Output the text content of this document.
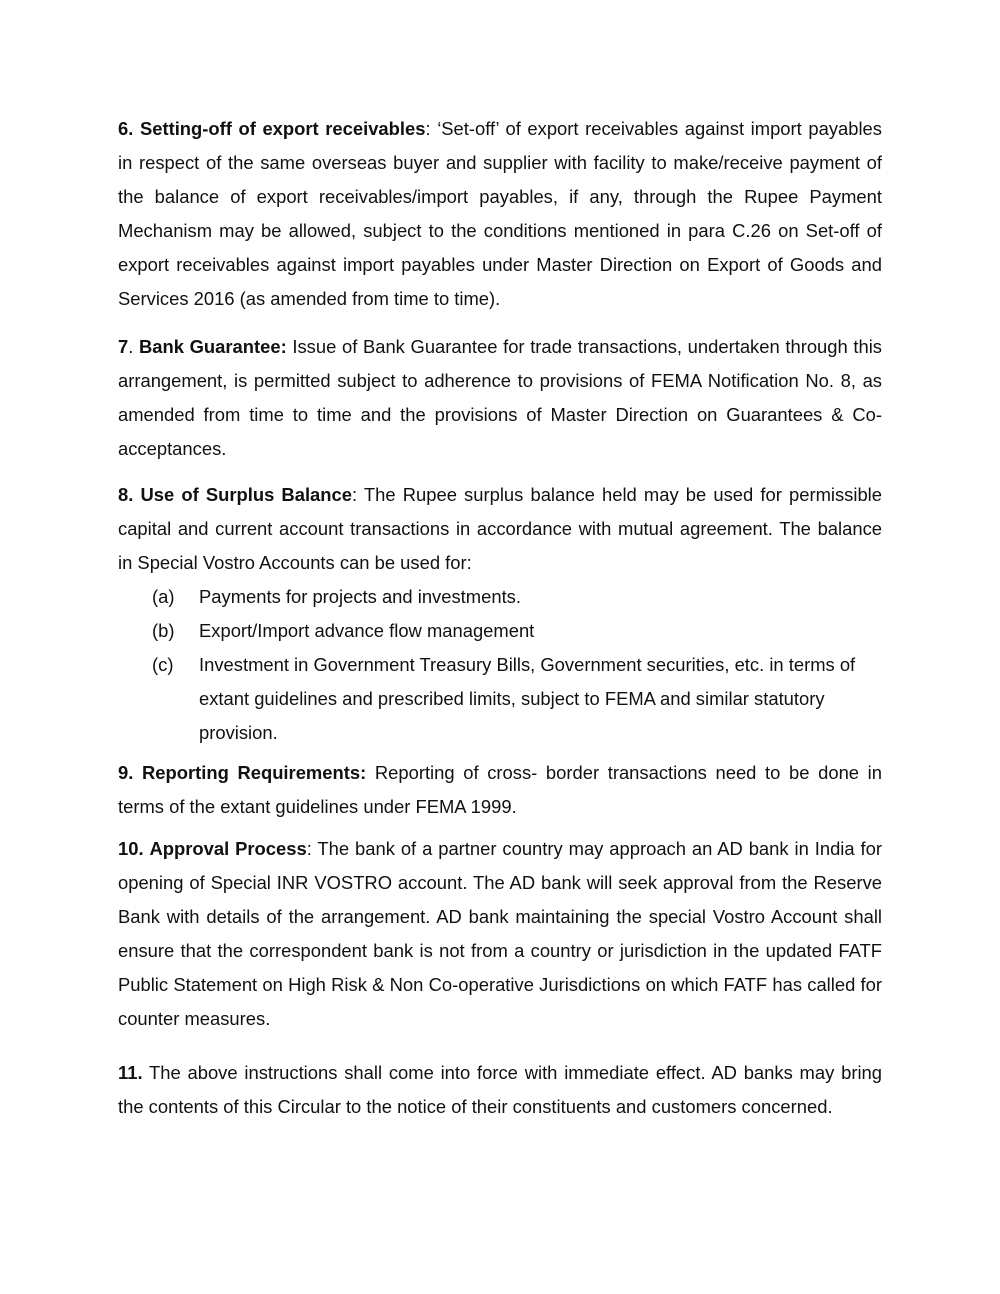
6. Setting-off of export receivables: ‘Set-off’ of export receivables against import payables in respect of the same overseas buyer and supplier with facility to make/receive payment of the balance of export receivables/import payables, if any, through the Rupee Payment Mechanism may be allowed, subject to the conditions mentioned in para C.26 on Set-off of export receivables against import payables under Master Direction on Export of Goods and Services 2016 (as amended from time to time).

7. Bank Guarantee: Issue of Bank Guarantee for trade transactions, undertaken through this arrangement, is permitted subject to adherence to provisions of FEMA Notification No. 8, as amended from time to time and the provisions of Master Direction on Guarantees & Co-acceptances.

8. Use of Surplus Balance: The Rupee surplus balance held may be used for permissible capital and current account transactions in accordance with mutual agreement. The balance in Special Vostro Accounts can be used for:

(a) Payments for projects and investments.
(b) Export/Import advance flow management
(c) Investment in Government Treasury Bills, Government securities, etc. in terms of extant guidelines and prescribed limits, subject to FEMA and similar statutory provision.

9. Reporting Requirements: Reporting of cross- border transactions need to be done in terms of the extant guidelines under FEMA 1999.

10. Approval Process: The bank of a partner country may approach an AD bank in India for opening of Special INR VOSTRO account. The AD bank will seek approval from the Reserve Bank with details of the arrangement. AD bank maintaining the special Vostro Account shall ensure that the correspondent bank is not from a country or jurisdiction in the updated FATF Public Statement on High Risk & Non Co-operative Jurisdictions on which FATF has called for counter measures.

11. The above instructions shall come into force with immediate effect. AD banks may bring the contents of this Circular to the notice of their constituents and customers concerned.
